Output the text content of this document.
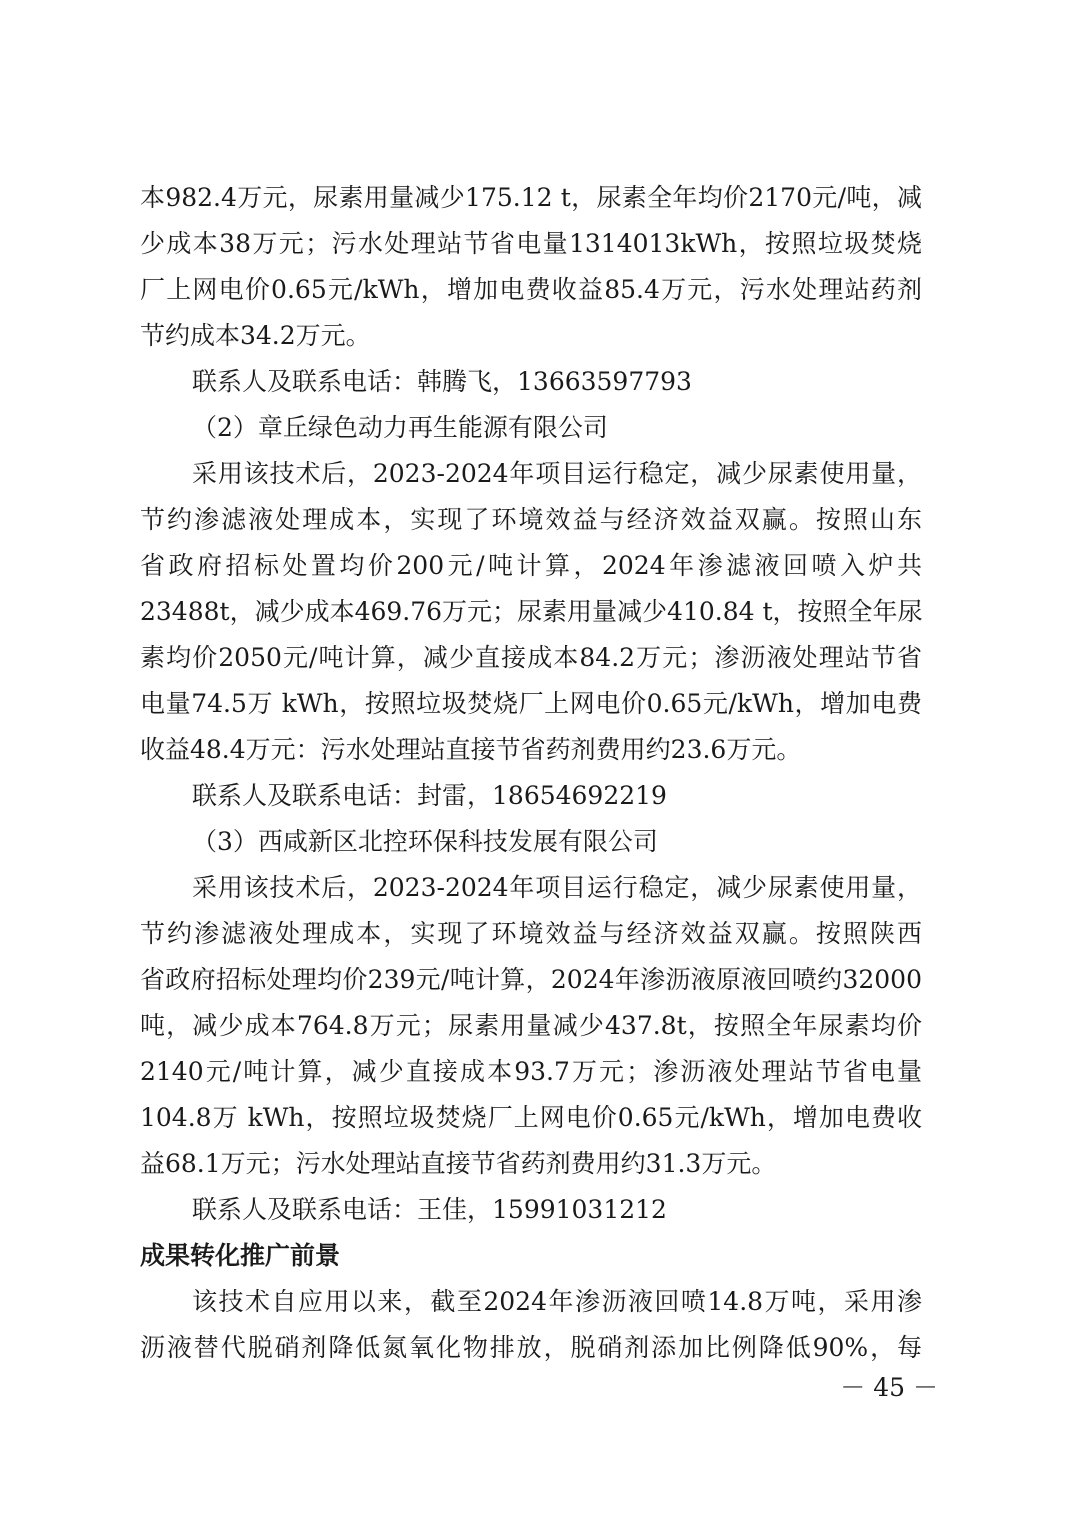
本982.4万元，尿素用量减少175.12 t，尿素全年均价2170元/吨，减
少成本38万元；污水处理站节省电量1314013kWh，按照垃圾焚烧
厂上网电价0.65元/kWh，增加电费收益85.4万元，污水处理站药剂
节约成本34.2万元。
联系人及联系电话：韩腾飞，13663597793
（2）章丘绿色动力再生能源有限公司
采用该技术后，2023-2024年项目运行稳定，减少尿素使用量，
节约渗滤液处理成本，实现了环境效益与经济效益双赢。按照山东
省政府招标处置均价200元/吨计算，2024年渗滤液回喷入炉共
23488t，减少成本469.76万元；尿素用量减少410.84 t，按照全年尿
素均价2050元/吨计算，减少直接成本84.2万元；渗沥液处理站节省
电量74.5万 kWh，按照垃圾焚烧厂上网电价0.65元/kWh，增加电费
收益48.4万元：污水处理站直接节省药剂费用约23.6万元。
联系人及联系电话：封雷，18654692219
（3）西咸新区北控环保科技发展有限公司
采用该技术后，2023-2024年项目运行稳定，减少尿素使用量，
节约渗滤液处理成本，实现了环境效益与经济效益双赢。按照陕西
省政府招标处理均价239元/吨计算，2024年渗沥液原液回喷约32000
吨，减少成本764.8万元；尿素用量减少437.8t，按照全年尿素均价
2140元/吨计算，减少直接成本93.7万元；渗沥液处理站节省电量
104.8万 kWh，按照垃圾焚烧厂上网电价0.65元/kWh，增加电费收
益68.1万元；污水处理站直接节省药剂费用约31.3万元。
联系人及联系电话：王佳，15991031212
成果转化推广前景
该技术自应用以来，截至2024年渗沥液回喷14.8万吨，采用渗
沥液替代脱硝剂降低氮氧化物排放，脱硝剂添加比例降低90%，每
－ 45 －
